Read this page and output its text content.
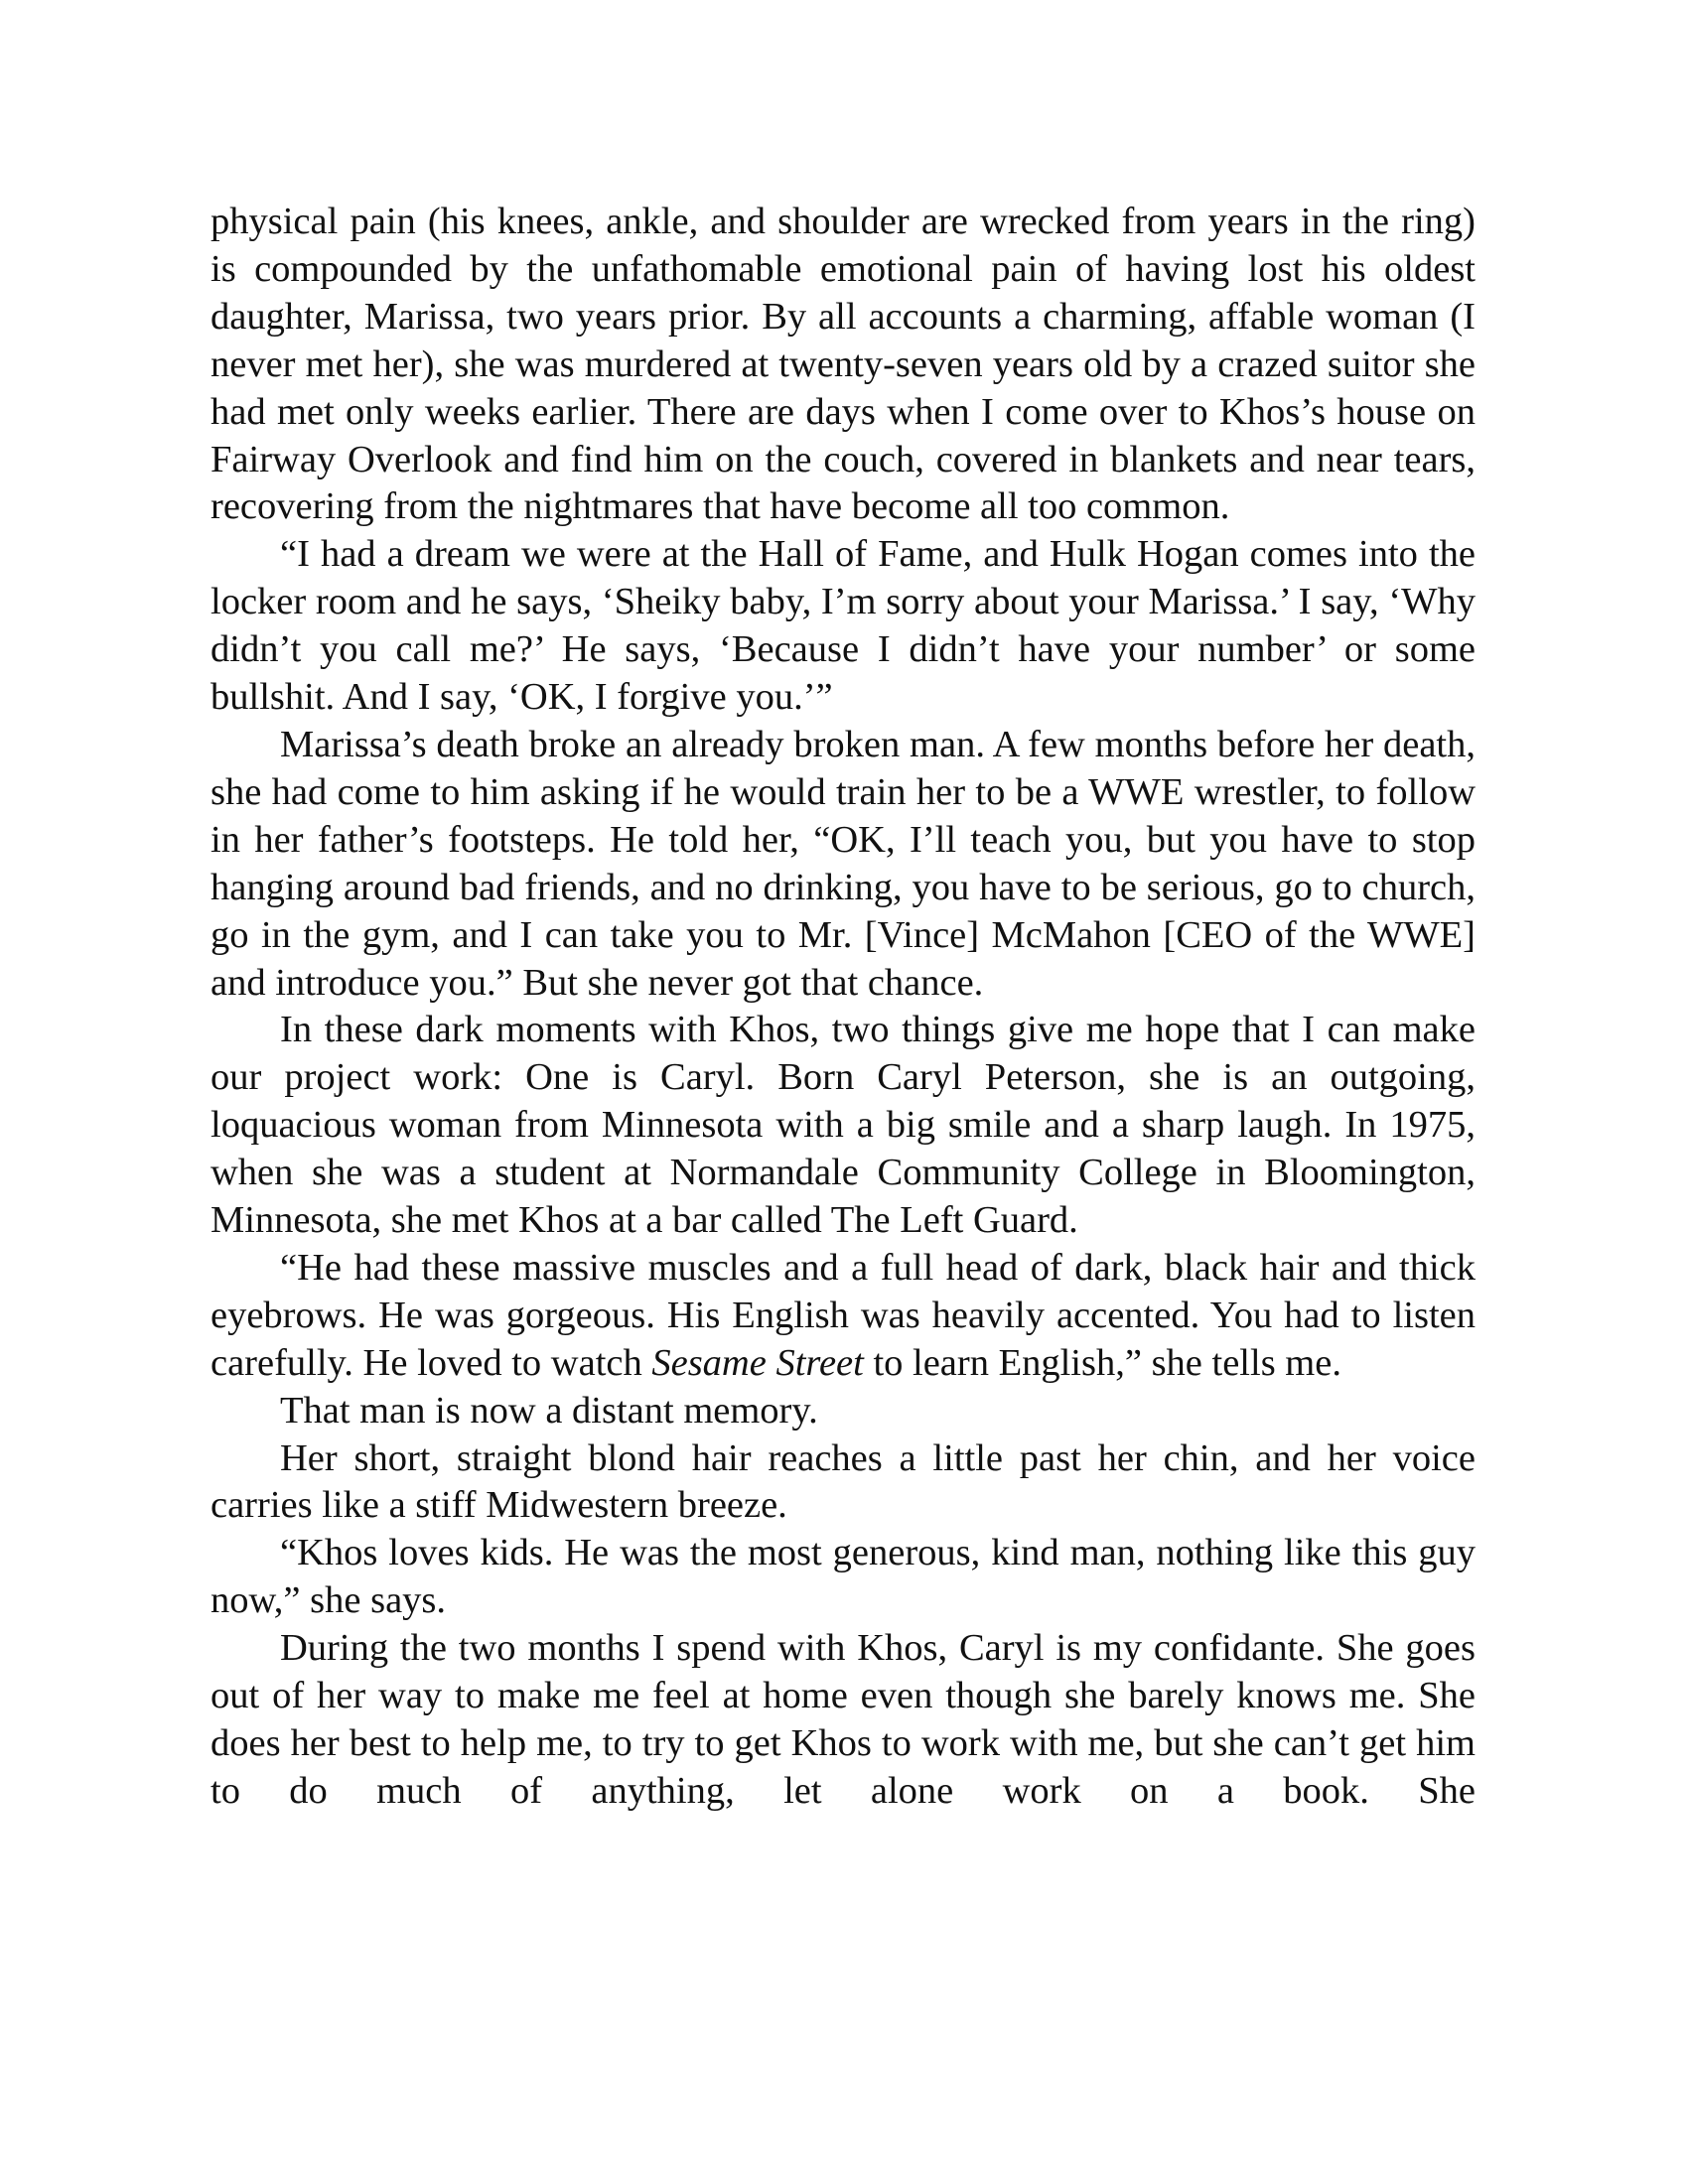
physical pain (his knees, ankle, and shoulder are wrecked from years in the ring) is compounded by the unfathomable emotional pain of having lost his oldest daughter, Marissa, two years prior. By all accounts a charming, affable woman (I never met her), she was murdered at twenty-seven years old by a crazed suitor she had met only weeks earlier. There are days when I come over to Khos’s house on Fairway Overlook and find him on the couch, covered in blankets and near tears, recovering from the nightmares that have become all too common.

“I had a dream we were at the Hall of Fame, and Hulk Hogan comes into the locker room and he says, ‘Sheiky baby, I’m sorry about your Marissa.’ I say, ‘Why didn’t you call me?’ He says, ‘Because I didn’t have your number’ or some bullshit. And I say, ‘OK, I forgive you.’”

Marissa’s death broke an already broken man. A few months before her death, she had come to him asking if he would train her to be a WWE wrestler, to follow in her father’s footsteps. He told her, “OK, I’ll teach you, but you have to stop hanging around bad friends, and no drinking, you have to be serious, go to church, go in the gym, and I can take you to Mr. [Vince] McMahon [CEO of the WWE] and introduce you.” But she never got that chance.

In these dark moments with Khos, two things give me hope that I can make our project work: One is Caryl. Born Caryl Peterson, she is an outgoing, loquacious woman from Minnesota with a big smile and a sharp laugh. In 1975, when she was a student at Normandale Community College in Bloomington, Minnesota, she met Khos at a bar called The Left Guard.

“He had these massive muscles and a full head of dark, black hair and thick eyebrows. He was gorgeous. His English was heavily accented. You had to listen carefully. He loved to watch Sesame Street to learn English,” she tells me.

That man is now a distant memory.

Her short, straight blond hair reaches a little past her chin, and her voice carries like a stiff Midwestern breeze.

“Khos loves kids. He was the most generous, kind man, nothing like this guy now,” she says.

During the two months I spend with Khos, Caryl is my confidante. She goes out of her way to make me feel at home even though she barely knows me. She does her best to help me, to try to get Khos to work with me, but she can’t get him to do much of anything, let alone work on a book. She
